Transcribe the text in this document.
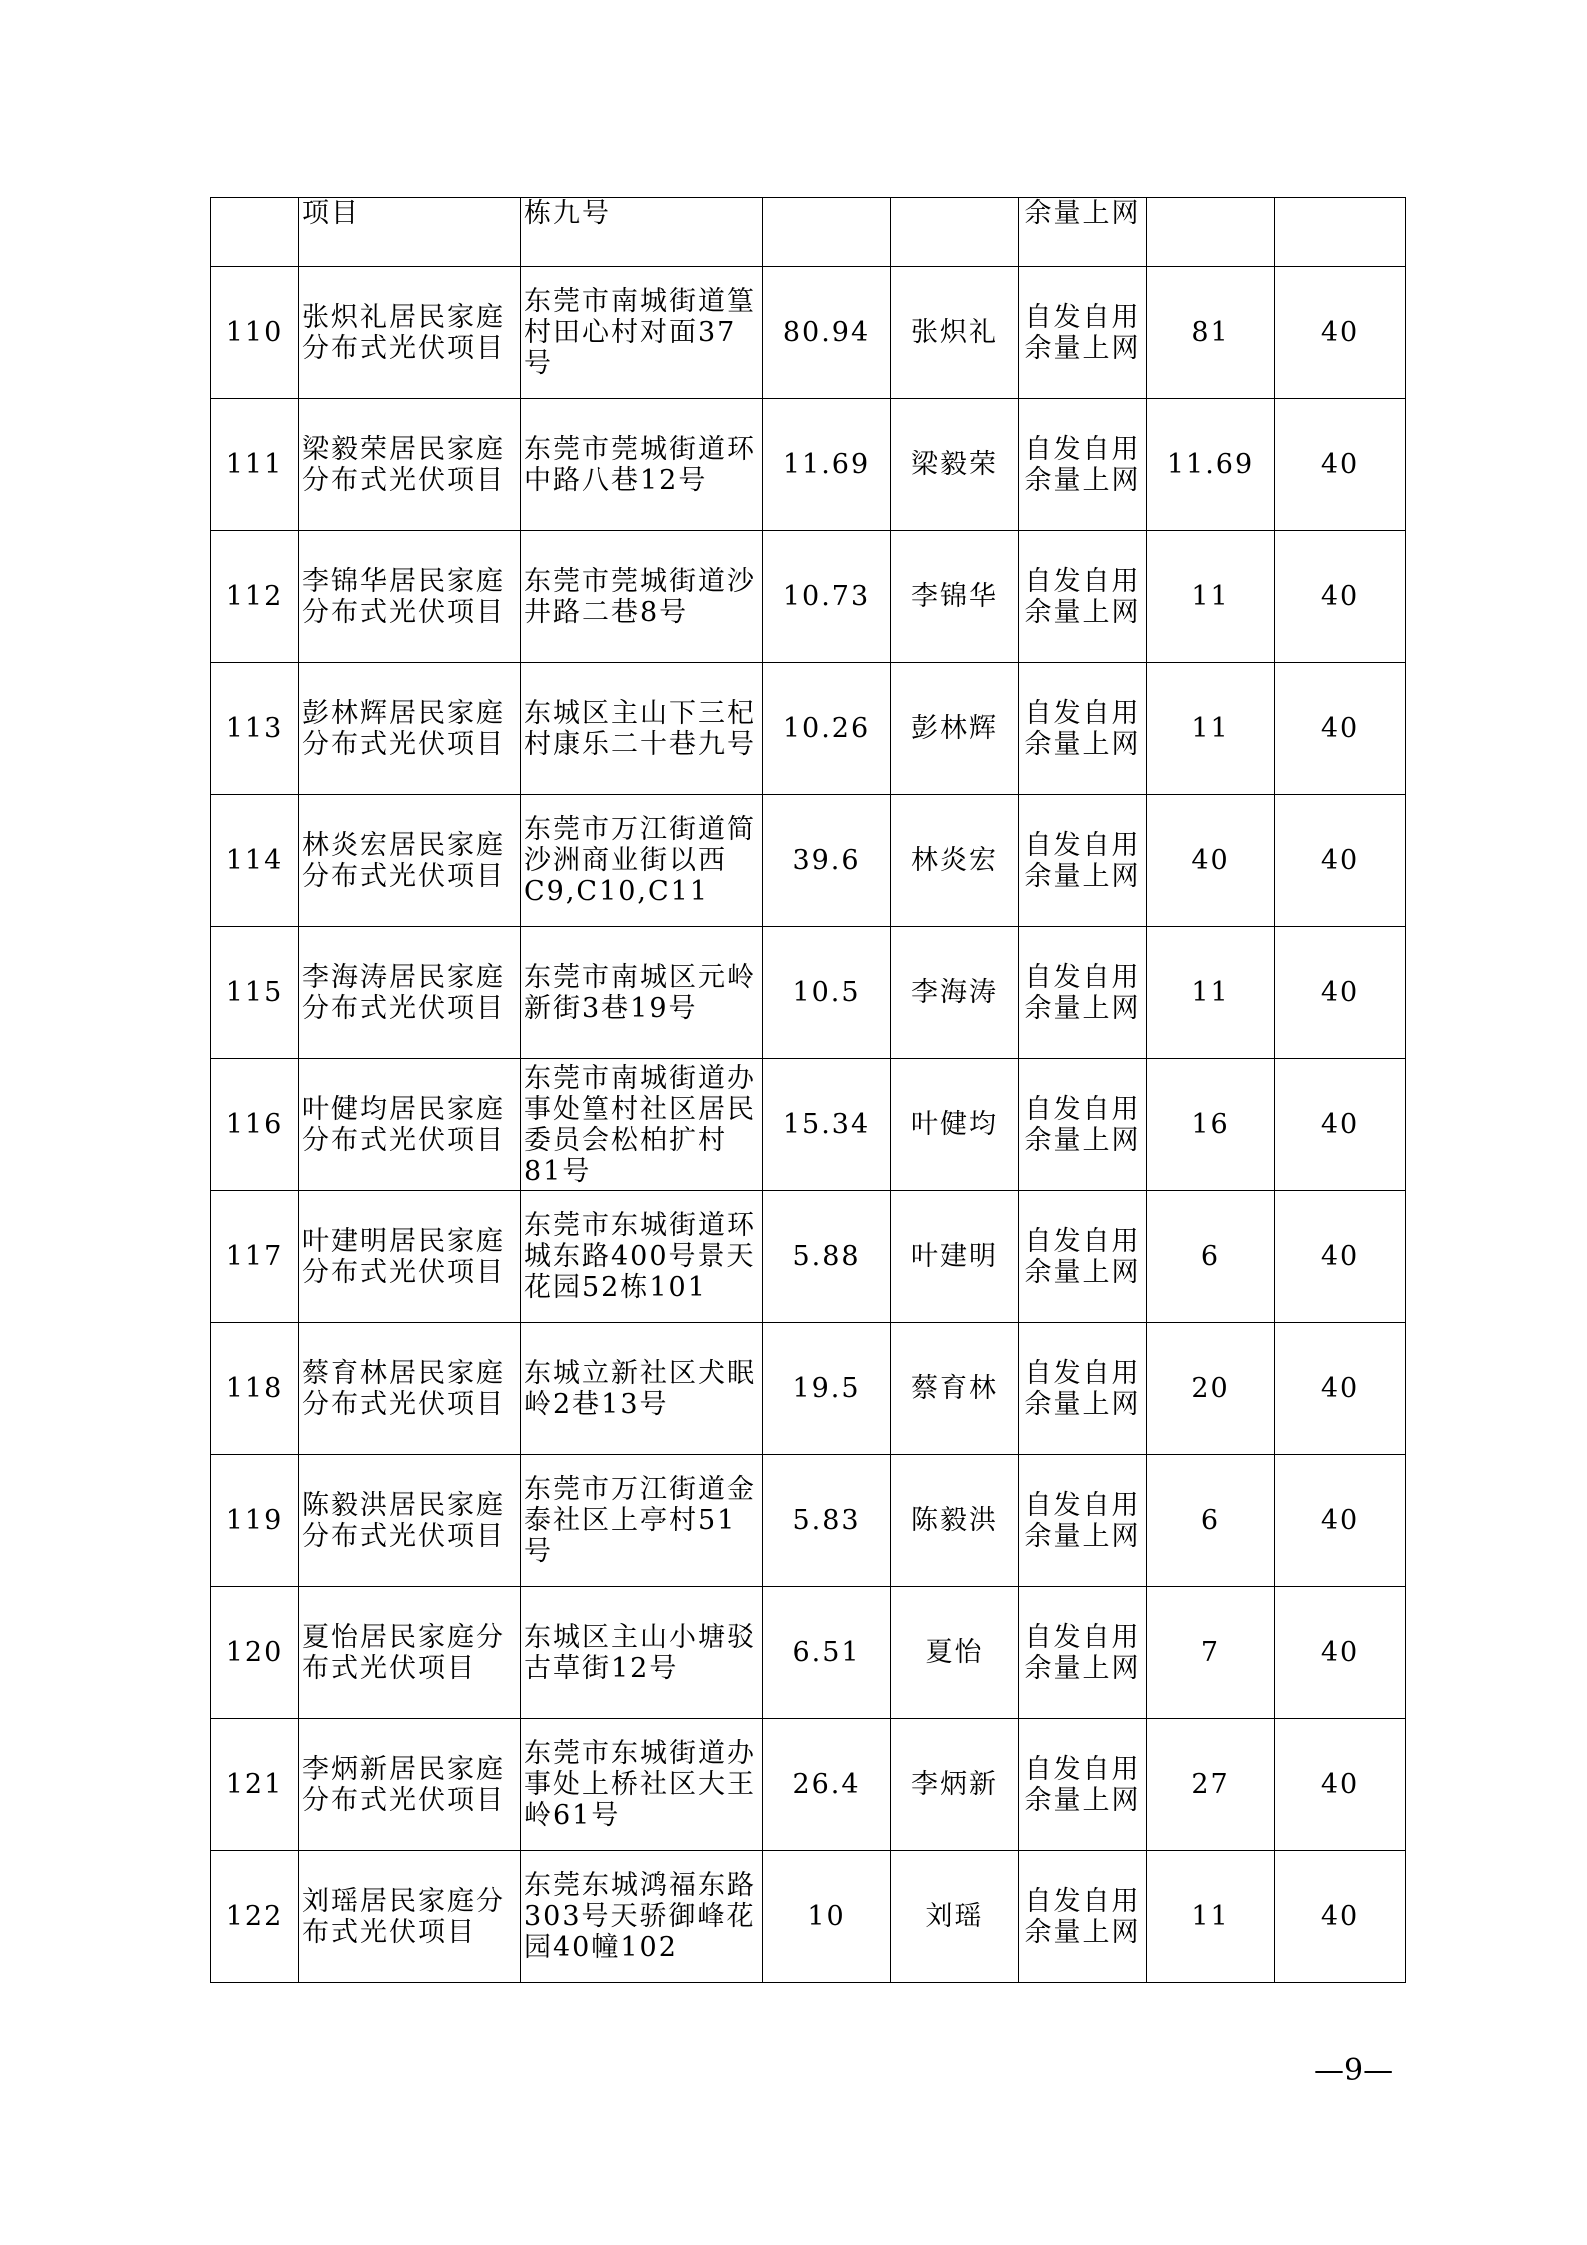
	项目	栋九号			余量上网		
110	张炽礼居民家庭分布式光伏项目	东莞市南城街道篁村田心村对面37号	80.94	张炽礼	自发自用余量上网	81	40
111	梁毅荣居民家庭分布式光伏项目	东莞市莞城街道环中路八巷12号	11.69	梁毅荣	自发自用余量上网	11.69	40
112	李锦华居民家庭分布式光伏项目	东莞市莞城街道沙井路二巷8号	10.73	李锦华	自发自用余量上网	11	40
113	彭林辉居民家庭分布式光伏项目	东城区主山下三杞村康乐二十巷九号	10.26	彭林辉	自发自用余量上网	11	40
114	林炎宏居民家庭分布式光伏项目	东莞市万江街道简沙洲商业街以西C9,C10,C11	39.6	林炎宏	自发自用余量上网	40	40
115	李海涛居民家庭分布式光伏项目	东莞市南城区元岭新街3巷19号	10.5	李海涛	自发自用余量上网	11	40
116	叶健均居民家庭分布式光伏项目	东莞市南城街道办事处篁村社区居民委员会松柏扩村81号	15.34	叶健均	自发自用余量上网	16	40
117	叶建明居民家庭分布式光伏项目	东莞市东城街道环城东路400号景天花园52栋101	5.88	叶建明	自发自用余量上网	6	40
118	蔡育林居民家庭分布式光伏项目	东城立新社区犬眠岭2巷13号	19.5	蔡育林	自发自用余量上网	20	40
119	陈毅洪居民家庭分布式光伏项目	东莞市万江街道金泰社区上亭村51号	5.83	陈毅洪	自发自用余量上网	6	40
120	夏怡居民家庭分布式光伏项目	东城区主山小塘驳古草街12号	6.51	夏怡	自发自用余量上网	7	40
121	李炳新居民家庭分布式光伏项目	东莞市东城街道办事处上桥社区大王岭61号	26.4	李炳新	自发自用余量上网	27	40
122	刘瑶居民家庭分布式光伏项目	东莞东城鸿福东路303号天骄御峰花园40幢102	10	刘瑶	自发自用余量上网	11	40
—9—
